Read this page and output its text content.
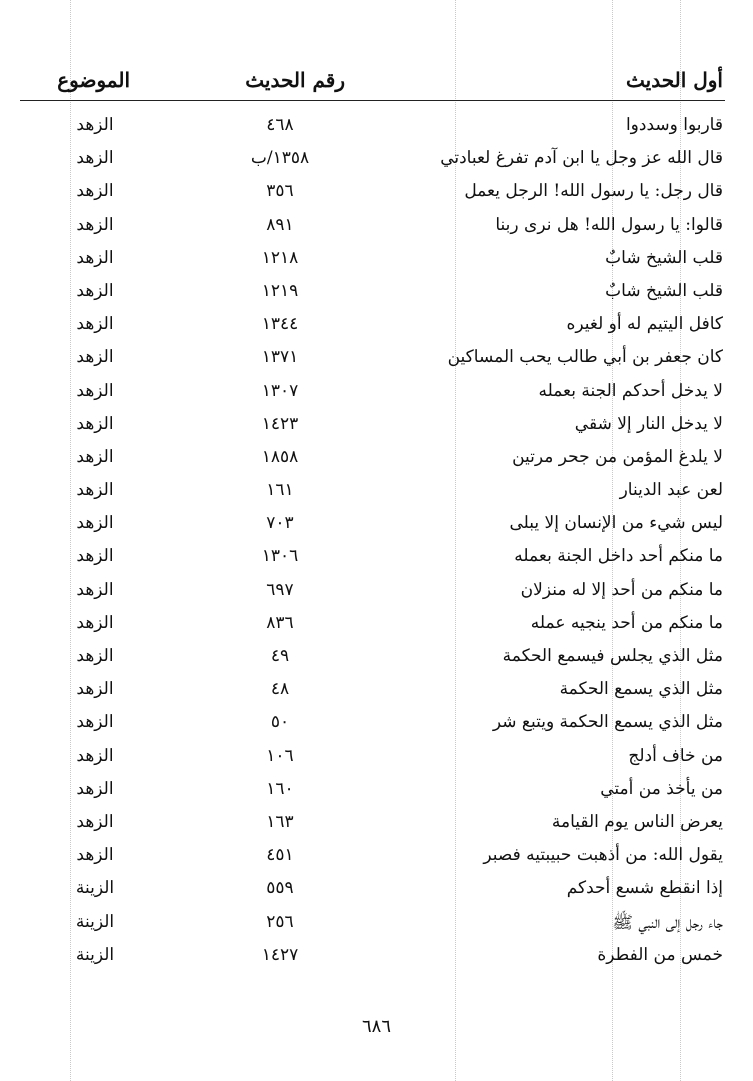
أول الحديث
رقم الحديث
الموضوع
قاربوا وسددوا
٤٦٨
الزهد
قال الله عز وجل يا ابن آدم تفرغ لعبادتي
١٣٥٨/ب
الزهد
قال رجل: يا رسول الله! الرجل يعمل
٣٥٦
الزهد
قالوا: يا رسول الله! هل نرى ربنا
٨٩١
الزهد
قلب الشيخ شابٌ
١٢١٨
الزهد
قلب الشيخ شابٌ
١٢١٩
الزهد
كافل اليتيم له أو لغيره
١٣٤٤
الزهد
كان جعفر بن أبي طالب يحب المساكين
١٣٧١
الزهد
لا يدخل أحدكم الجنة بعمله
١٣٠٧
الزهد
لا يدخل النار إلا شقي
١٤٢٣
الزهد
لا يلدغ المؤمن من جحر مرتين
١٨٥٨
الزهد
لعن عبد الدينار
١٦١
الزهد
ليس شيء من الإنسان إلا يبلى
٧٠٣
الزهد
ما منكم أحد داخل الجنة بعمله
١٣٠٦
الزهد
ما منكم من أحد إلا له منزلان
٦٩٧
الزهد
ما منكم من أحد ينجيه عمله
٨٣٦
الزهد
مثل الذي يجلس فيسمع الحكمة
٤٩
الزهد
مثل الذي يسمع الحكمة
٤٨
الزهد
مثل الذي يسمع الحكمة ويتبع شر
٥٠
الزهد
من خاف أدلج
١٠٦
الزهد
من يأخذ من أمتي
١٦٠
الزهد
يعرض الناس يوم القيامة
١٦٣
الزهد
يقول الله: من أذهبت حبيبتيه فصبر
٤٥١
الزهد
إذا انقطع شسع أحدكم
٥٥٩
الزينة
جاء رجل إلى النبي ﷺ
٢٥٦
الزينة
خمس من الفطرة
١٤٢٧
الزينة
٦٨٦
